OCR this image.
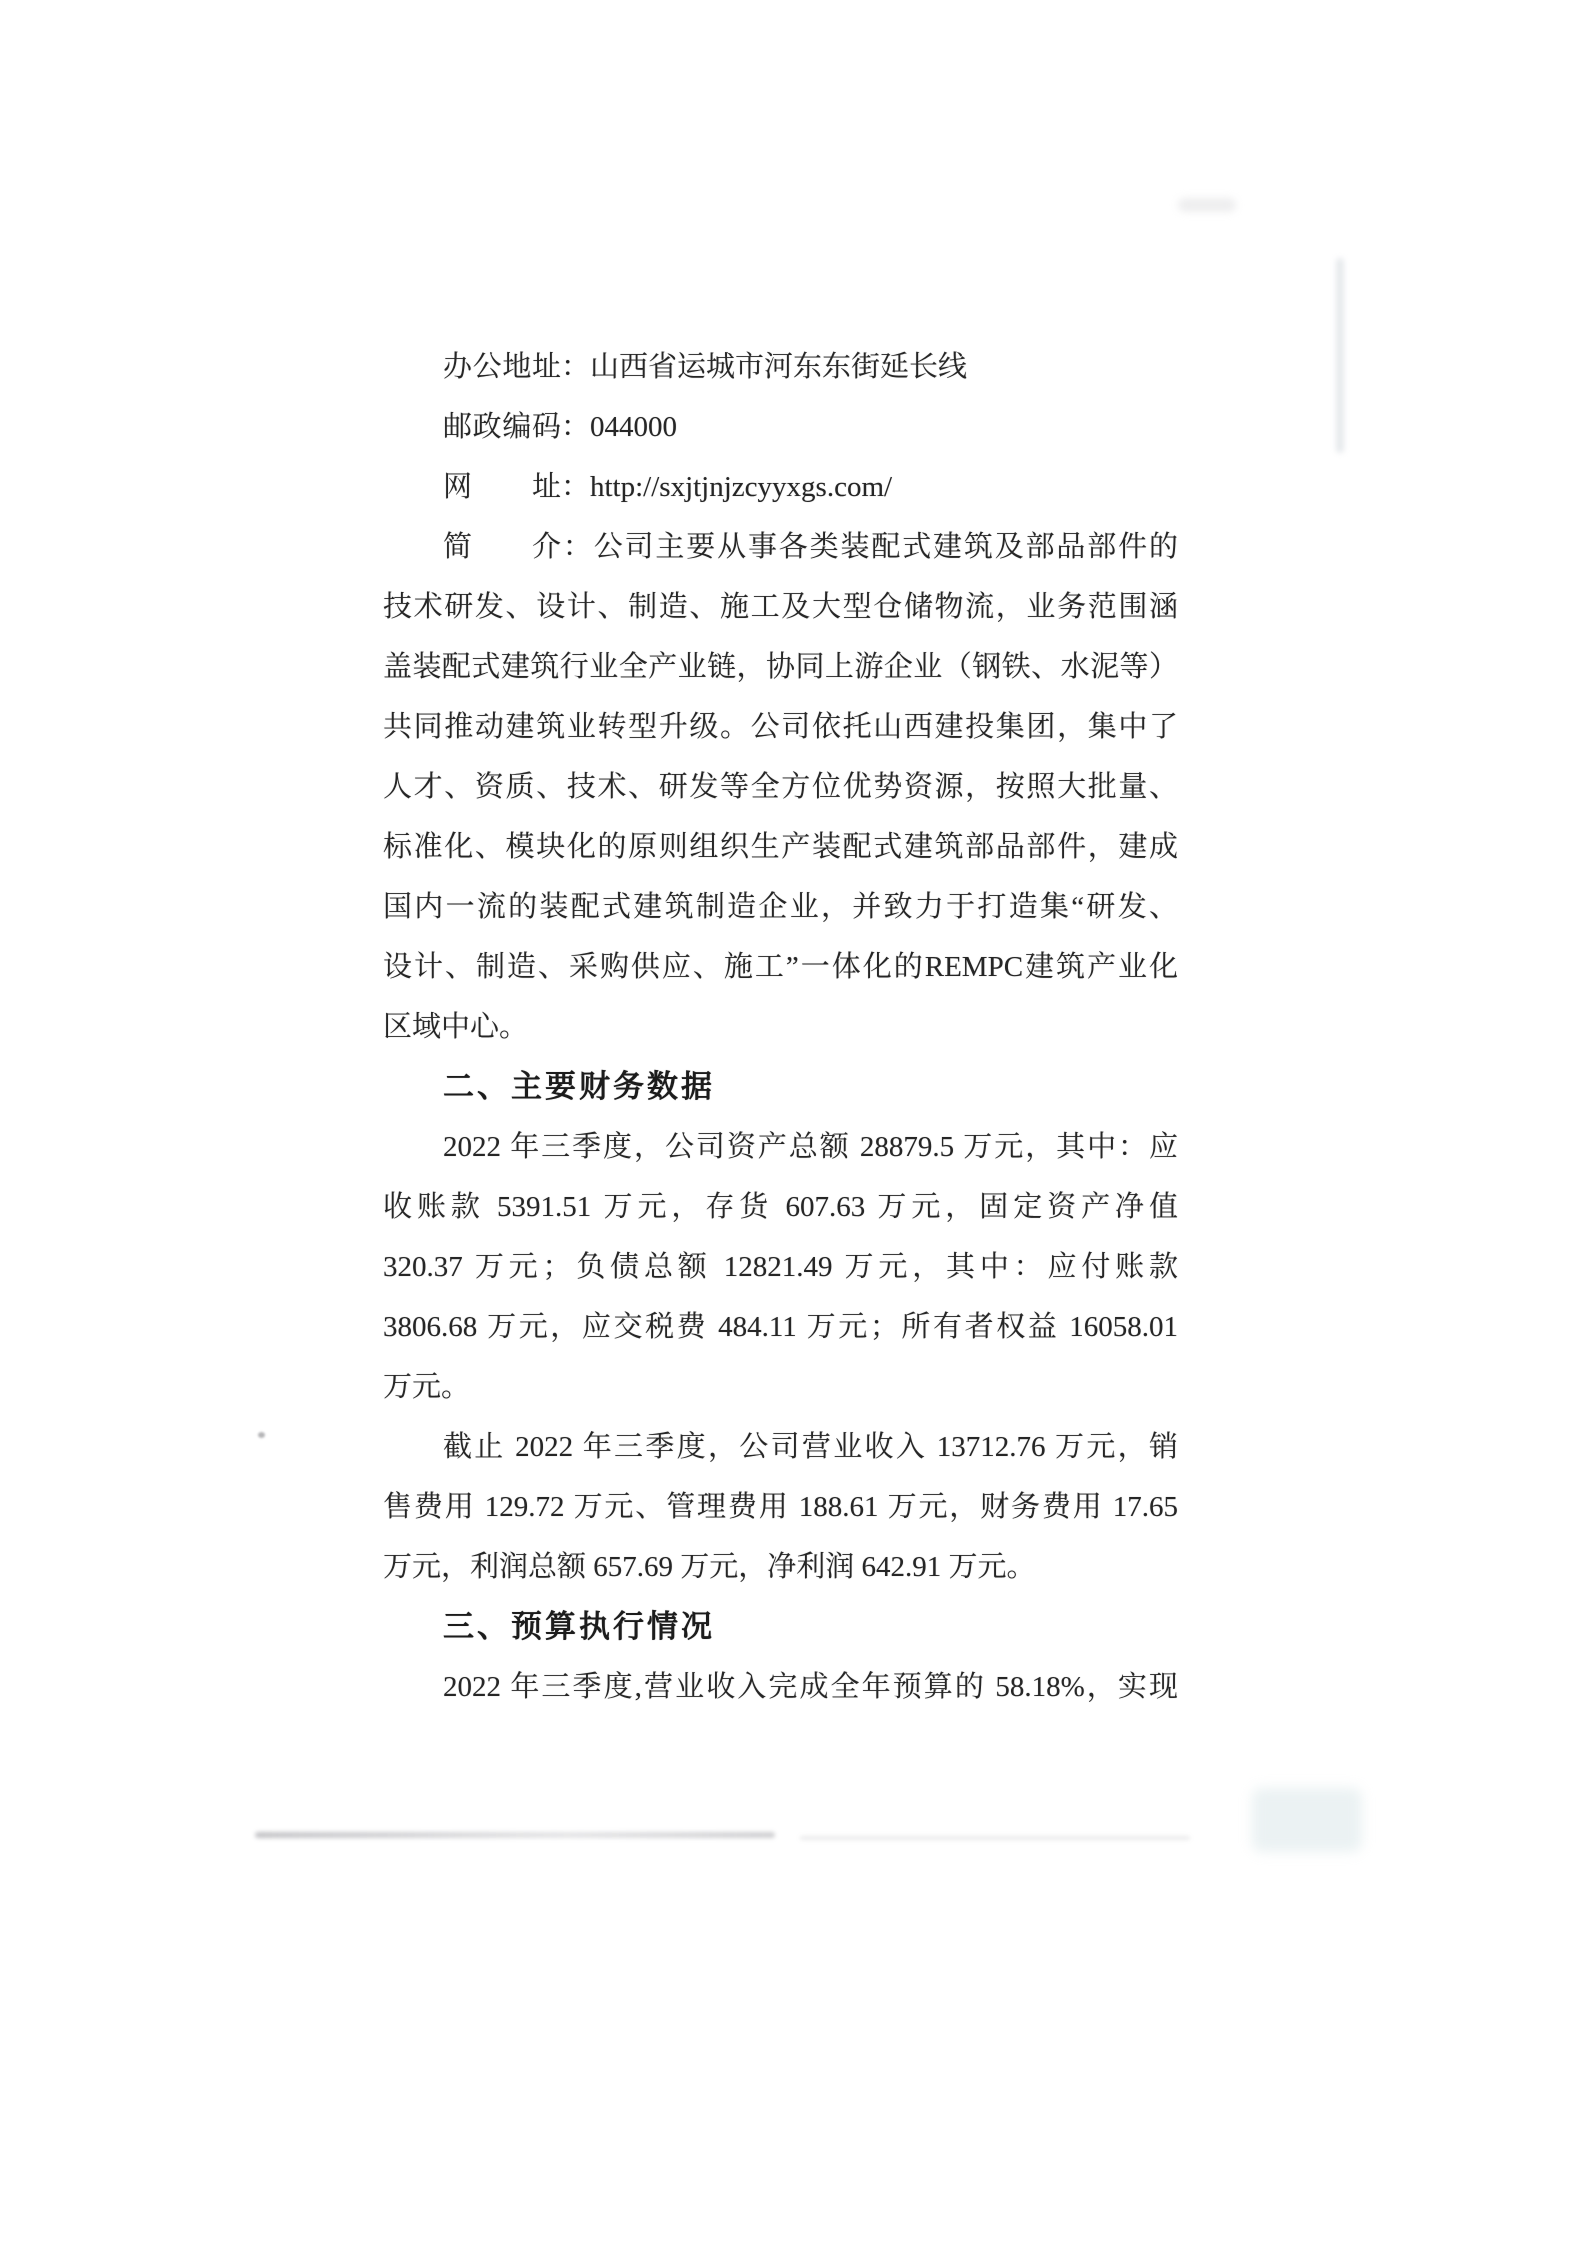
办公地址：山西省运城市河东东街延长线
邮政编码：044000
网址：http://sxjtjnjzcyyxgs.com/
简介：公司主要从事各类装配式建筑及部品部件的
技术研发、设计、制造、施工及大型仓储物流，业务范围涵
盖装配式建筑行业全产业链，协同上游企业（钢铁、水泥等）
共同推动建筑业转型升级。公司依托山西建投集团，集中了
人才、资质、技术、研发等全方位优势资源，按照大批量、
标准化、模块化的原则组织生产装配式建筑部品部件，建成
国内一流的装配式建筑制造企业，并致力于打造集“研发、
设计、制造、采购供应、施工”一体化的REMPC建筑产业化
区域中心。
二、主要财务数据
2022 年三季度，公司资产总额 28879.5 万元，其中：应
收账款 5391.51 万元，存货 607.63 万元，固定资产净值
320.37 万元；负债总额 12821.49 万元，其中：应付账款
3806.68 万元，应交税费 484.11 万元；所有者权益 16058.01
万元。
截止 2022 年三季度，公司营业收入 13712.76 万元，销
售费用 129.72 万元、管理费用 188.61 万元，财务费用 17.65
万元，利润总额 657.69 万元，净利润 642.91 万元。
三、预算执行情况
2022 年三季度,营业收入完成全年预算的 58.18%，实现
